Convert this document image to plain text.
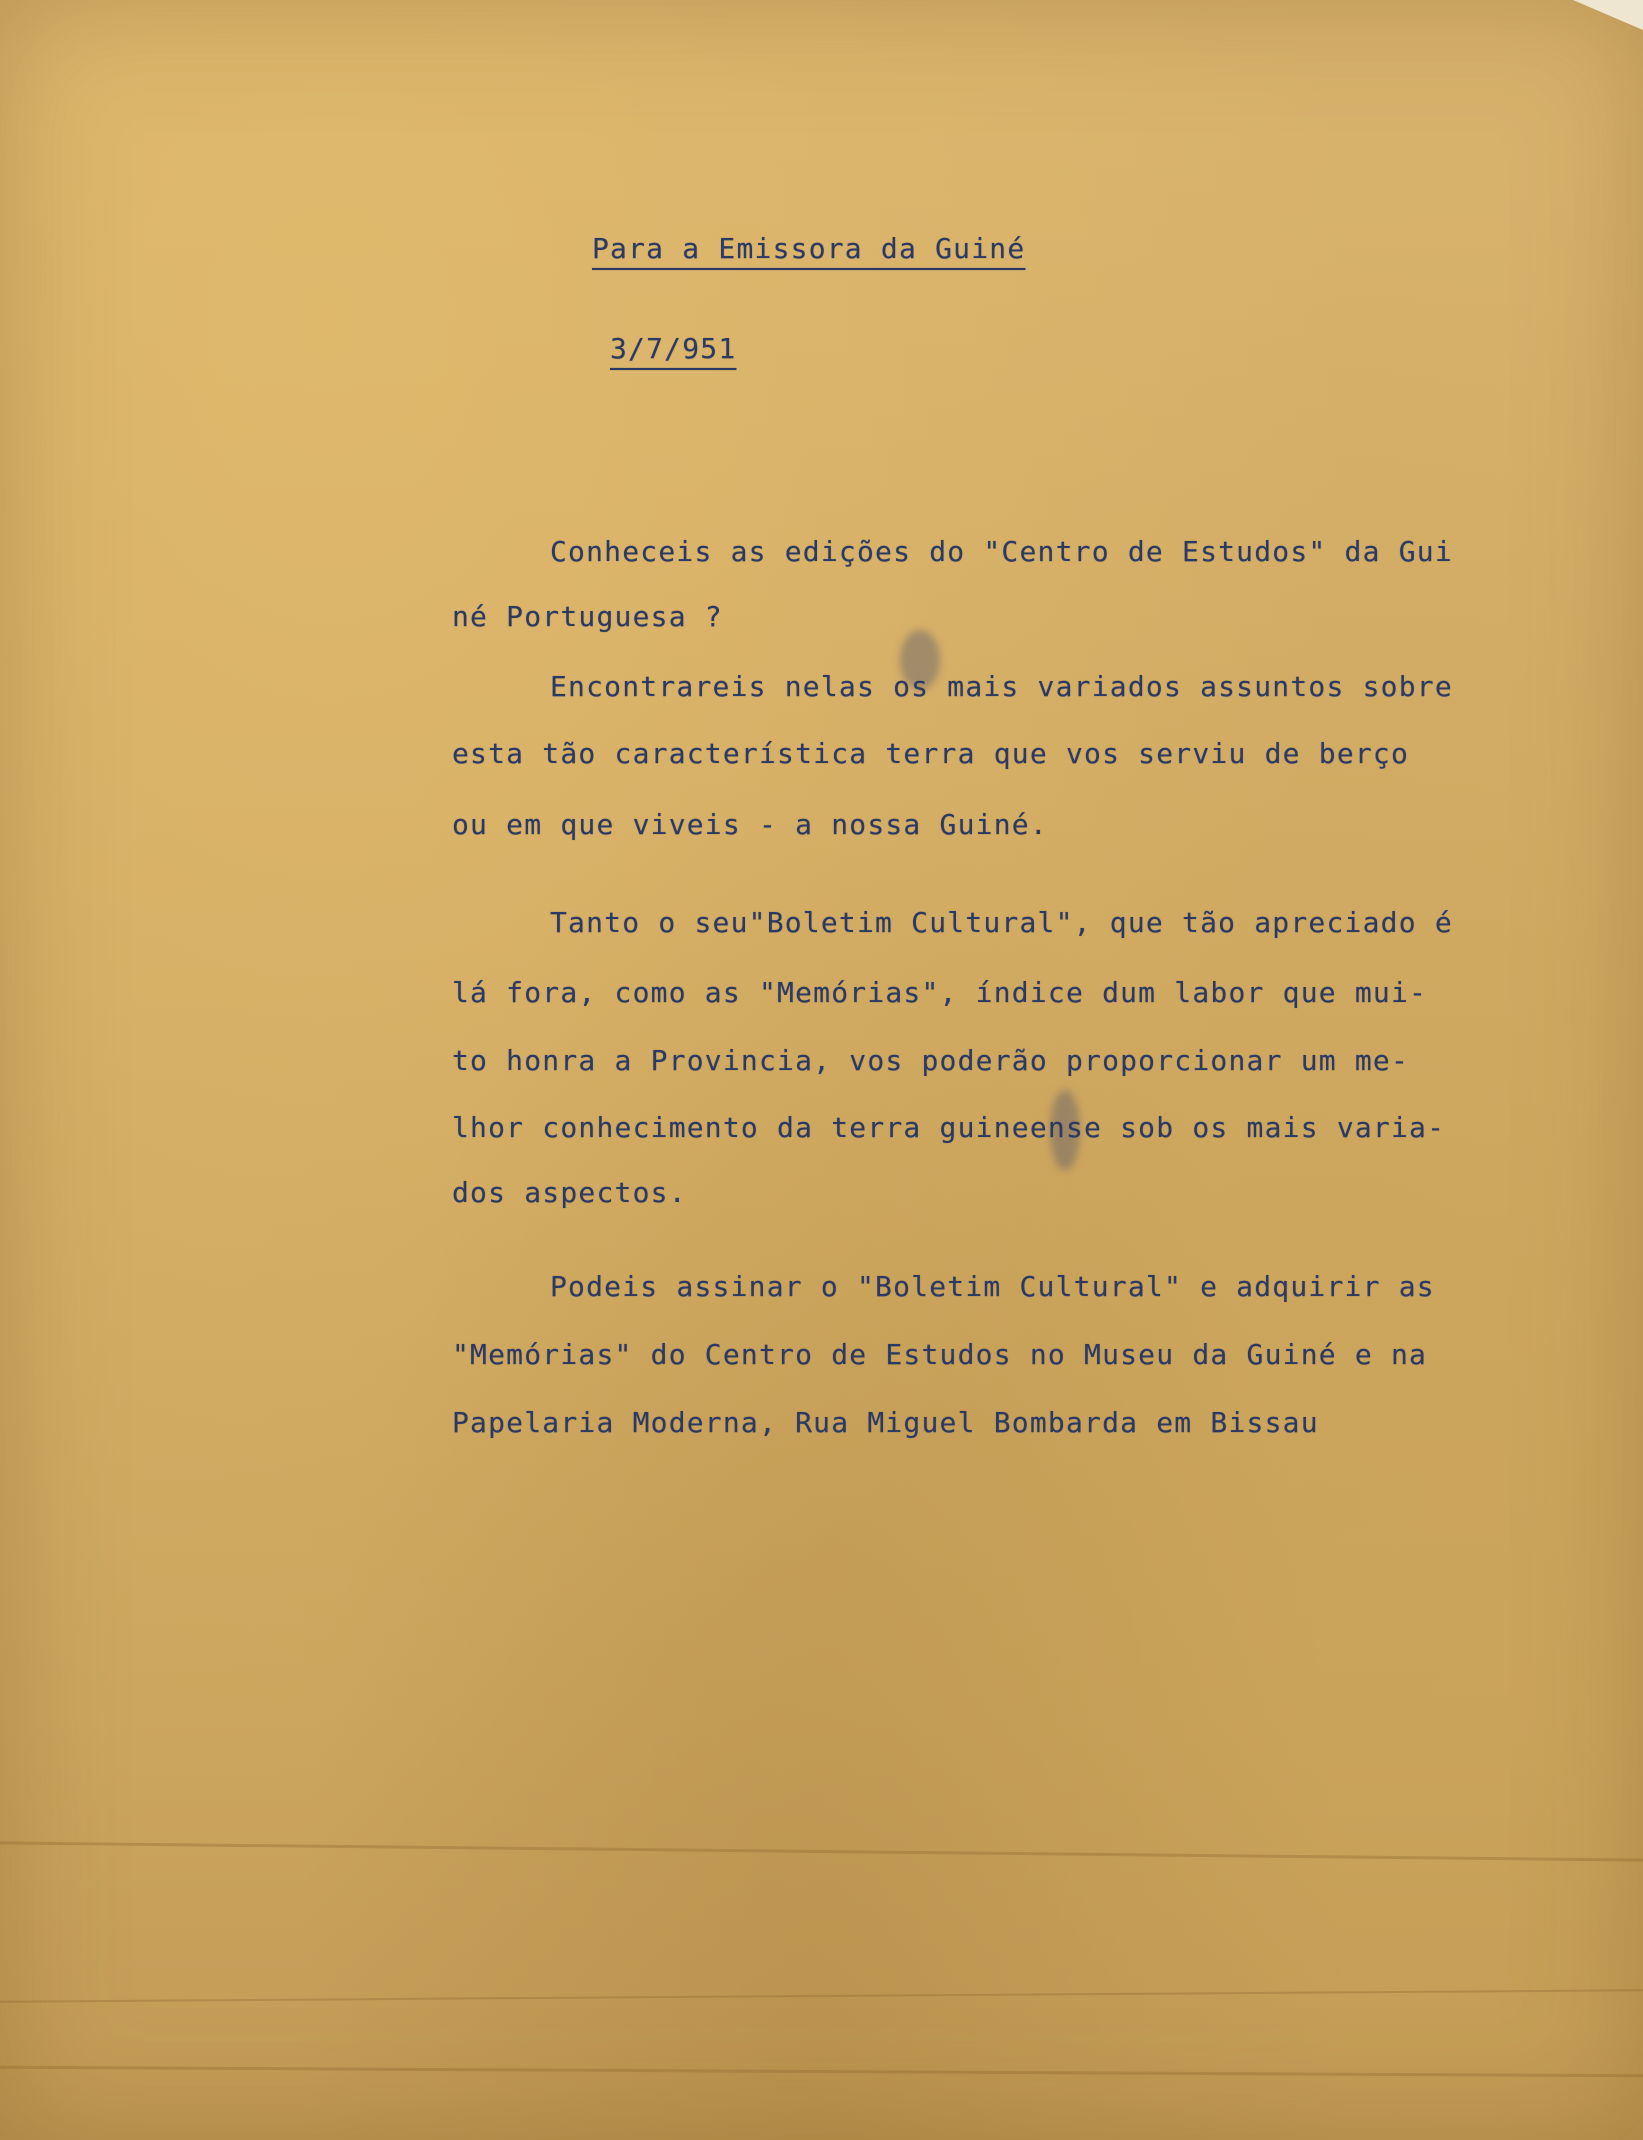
Para a Emissora da Guiné
3/7/951
Conheceis as edições do "Centro de Estudos" da Gui
né Portuguesa ?
Encontrareis nelas os mais variados assuntos sobre
esta tão característica terra que vos serviu de berço
ou em que viveis - a nossa Guiné.
Tanto o seu"Boletim Cultural", que tão apreciado é
lá fora, como as "Memórias", índice dum labor que mui-
to honra a Provincia, vos poderão proporcionar um me-
lhor conhecimento da terra guineense sob os mais varia-
dos aspectos.
Podeis assinar o "Boletim Cultural" e adquirir as
"Memórias" do Centro de Estudos no Museu da Guiné e na
Papelaria Moderna, Rua Miguel Bombarda em Bissau
